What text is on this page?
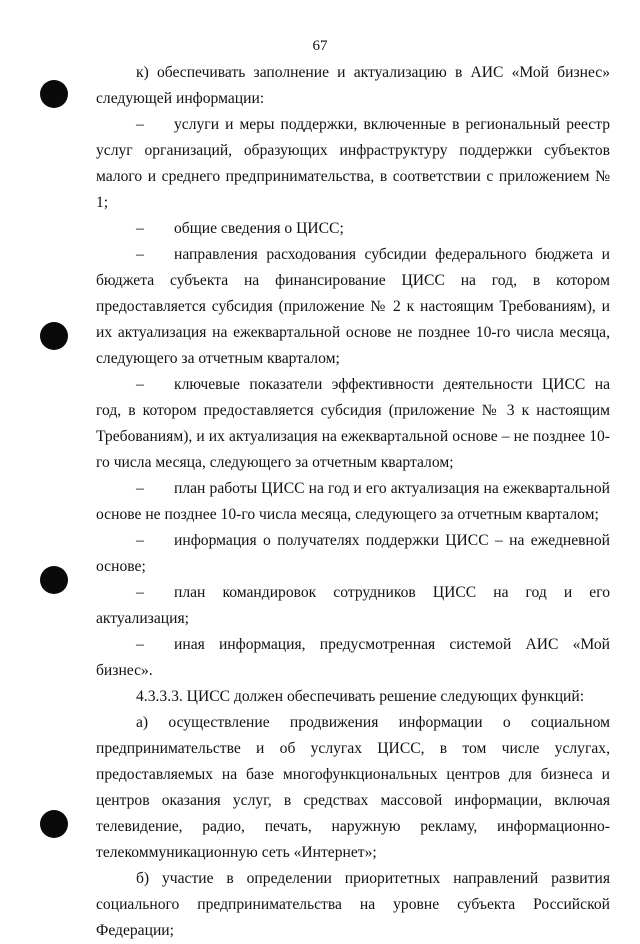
67

к) обеспечивать заполнение и актуализацию в АИС «Мой бизнес» следующей информации:

– услуги и меры поддержки, включенные в региональный реестр услуг организаций, образующих инфраструктуру поддержки субъектов малого и среднего предпринимательства, в соответствии с приложением № 1;

– общие сведения о ЦИСС;

– направления расходования субсидии федерального бюджета и бюджета субъекта на финансирование ЦИСС на год, в котором предоставляется субсидия (приложение № 2 к настоящим Требованиям), и их актуализация на ежеквартальной основе не позднее 10-го числа месяца, следующего за отчетным кварталом;

– ключевые показатели эффективности деятельности ЦИСС на год, в котором предоставляется субсидия (приложение № 3 к настоящим Требованиям), и их актуализация на ежеквартальной основе – не позднее 10-го числа месяца, следующего за отчетным кварталом;

– план работы ЦИСС на год и его актуализация на ежеквартальной основе не позднее 10-го числа месяца, следующего за отчетным кварталом;

– информация о получателях поддержки ЦИСС – на ежедневной основе;

– план командировок сотрудников ЦИСС на год и его актуализация;

– иная информация, предусмотренная системой АИС «Мой бизнес».

4.3.3.3. ЦИСС должен обеспечивать решение следующих функций:

а) осуществление продвижения информации о социальном предпринимательстве и об услугах ЦИСС, в том числе услугах, предоставляемых на базе многофункциональных центров для бизнеса и центров оказания услуг, в средствах массовой информации, включая телевидение, радио, печать, наружную рекламу, информационно-телекоммуникационную сеть «Интернет»;

б) участие в определении приоритетных направлений развития социального предпринимательства на уровне субъекта Российской Федерации;
